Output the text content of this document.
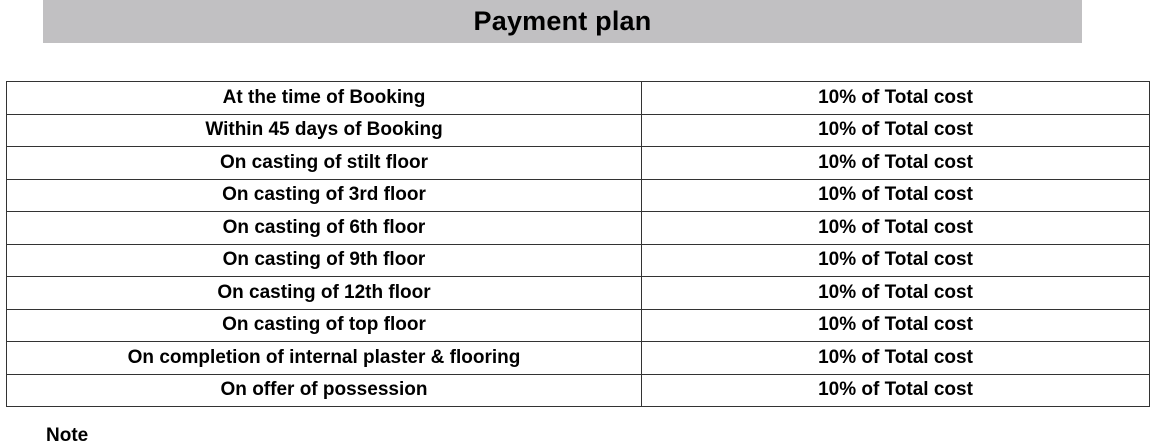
Payment plan
At the time of Booking	10% of Total cost
Within 45 days of Booking	10% of Total cost
On casting of stilt floor	10% of Total cost
On casting of 3rd floor	10% of Total cost
On casting of 6th floor	10% of Total cost
On casting of 9th floor	10% of Total cost
On casting of 12th floor	10% of Total cost
On casting of top floor	10% of Total cost
On completion of internal plaster & flooring	10% of Total cost
On offer of possession	10% of Total cost
Note
